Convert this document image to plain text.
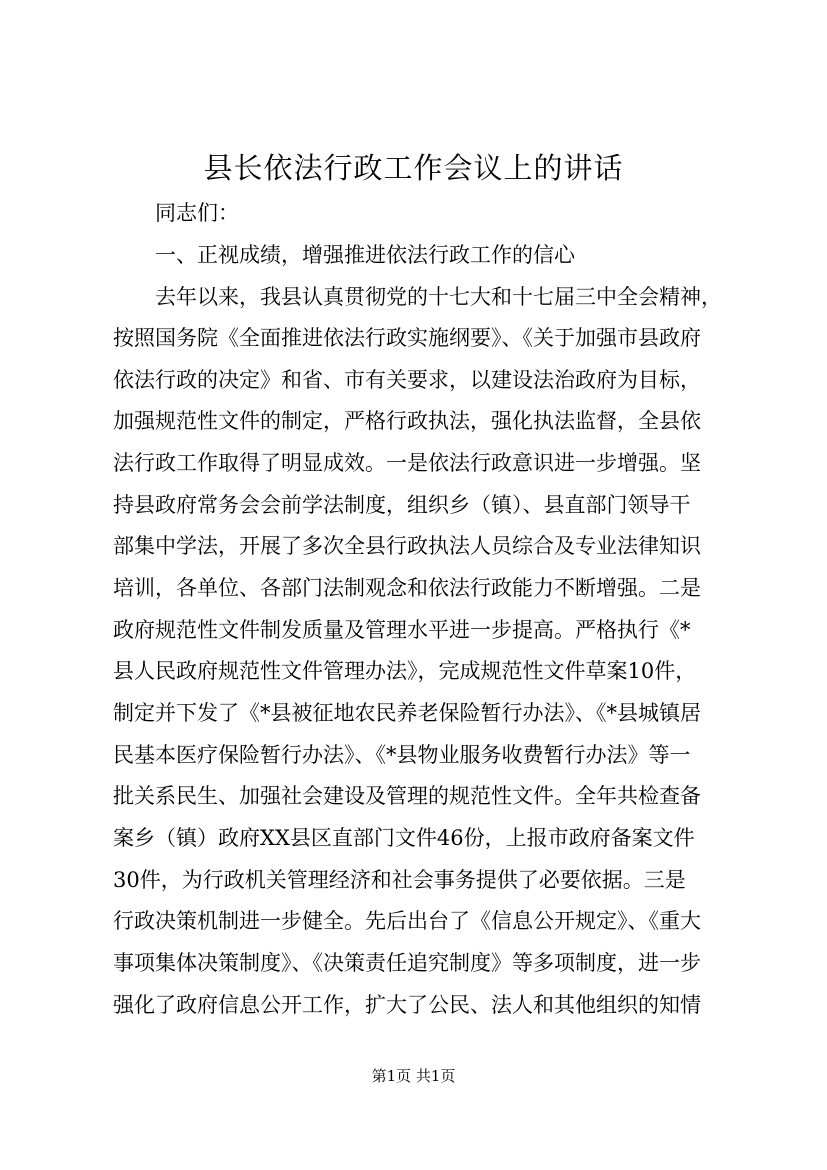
县长依法行政工作会议上的讲话
同志们：
一、正视成绩，增强推进依法行政工作的信心
去年以来，我县认真贯彻党的十七大和十七届三中全会精神，
按照国务院《全面推进依法行政实施纲要》、《关于加强市县政府
依法行政的决定》和省、市有关要求，以建设法治政府为目标，
加强规范性文件的制定，严格行政执法，强化执法监督，全县依
法行政工作取得了明显成效。一是依法行政意识进一步增强。坚
持县政府常务会会前学法制度，组织乡（镇）、县直部门领导干
部集中学法，开展了多次全县行政执法人员综合及专业法律知识
培训，各单位、各部门法制观念和依法行政能力不断增强。二是
政府规范性文件制发质量及管理水平进一步提高。严格执行《*
县人民政府规范性文件管理办法》，完成规范性文件草案10件，
制定并下发了《*县被征地农民养老保险暂行办法》、《*县城镇居
民基本医疗保险暂行办法》、《*县物业服务收费暂行办法》等一
批关系民生、加强社会建设及管理的规范性文件。全年共检查备
案乡（镇）政府XX县区直部门文件46份，上报市政府备案文件
30件，为行政机关管理经济和社会事务提供了必要依据。三是
行政决策机制进一步健全。先后出台了《信息公开规定》、《重大
事项集体决策制度》、《决策责任追究制度》等多项制度，进一步
强化了政府信息公开工作，扩大了公民、法人和其他组织的知情
第1页 共1页
